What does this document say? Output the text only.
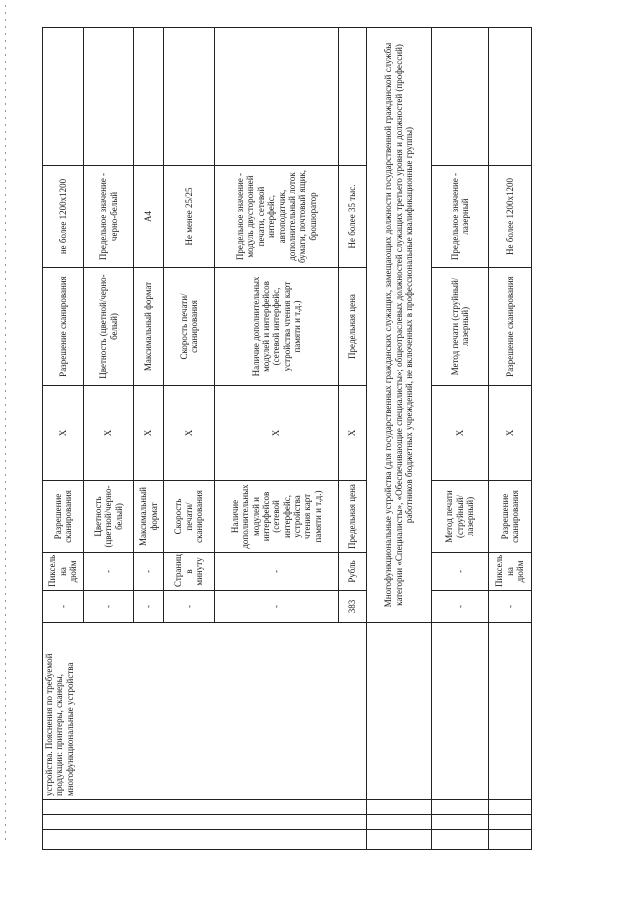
			устройства. Пояснения по требуемой продукции: принтеры, сканеры, многофункциональные устройства	-	Пиксель на дюйм	Разрешение сканирования	X	Разрешение сканирования	не более 1200х1200	
				-	-	Цветность (цветной/черно-белый)	X	Цветность (цветной/черно-белый)	Предельное значение - черно-белый	
				-	-	Максимальный формат	X	Максимальный формат	А4	
				-	Страниц в минуту	Скорость печати/сканирования	X	Скорость печати/сканирования	Не менее 25/25	
				-	-	Наличие дополнительных модулей и интерфейсов (сетевой интерфейс, устройства чтения карт памяти и т.д.)	X	Наличие дополнительных модулей и интерфейсов (сетевой интерфейс, устройства чтения карт памяти и т.д.)	Предельное значение - модуль двусторонней печати, сетевой интерфейс, автоподатчик, дополнительный лоток бумаги, почтовый ящик, брошюратор	
				383	Рубль	Предельная цена	X	Предельная цена	Не более 35 тыс.	
				Многофункциональные устройства (для государственных гражданских служащих, замещающих должности государственной гражданской службы категории «Специалисты», «Обеспечивающие специалисты»; общеотраслевых должностей служащих третьего уровня и должностей (профессий) работников бюджетных учреждений, не включенных в профессиональные квалификационные группы)						
				-	-	Метод печати (струйный/лазерный)	X	Метод печати (струйный/лазерный)	Предельное значение - лазерный	
				-	Пиксель на дюйм	Разрешение сканирования	X	Разрешение сканирования	Не более 1200х1200	
